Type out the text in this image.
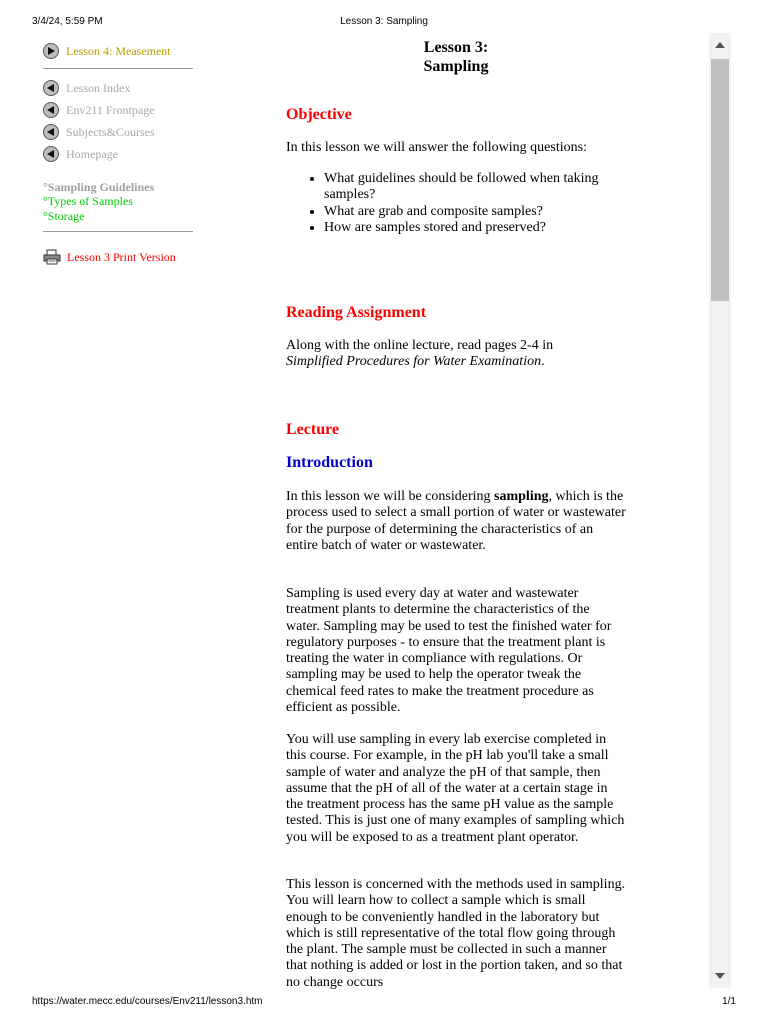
3/4/24, 5:59 PM	Lesson 3: Sampling
Lesson 4: Measement
Lesson Index
Env211 Frontpage
Subjects&Courses
Homepage
°Sampling Guidelines
°Types of Samples
°Storage
Lesson 3 Print Version
Lesson 3:
Sampling
Objective

In this lesson we will answer the following questions:

• What guidelines should be followed when taking samples?
• What are grab and composite samples?
• How are samples stored and preserved?
Reading Assignment

Along with the online lecture, read pages 2-4 in
Simplified Procedures for Water Examination.

Lecture
Introduction

In this lesson we will be considering sampling, which is the process used to select a small portion of water or wastewater for the purpose of determining the characteristics of an entire batch of water or wastewater.

Sampling is used every day at water and wastewater treatment plants to determine the characteristics of the water. Sampling may be used to test the finished water for regulatory purposes - to ensure that the treatment plant is treating the water in compliance with regulations. Or sampling may be used to help the operator tweak the chemical feed rates to make the treatment procedure as efficient as possible.

You will use sampling in every lab exercise completed in this course. For example, in the pH lab you'll take a small sample of water and analyze the pH of that sample, then assume that the pH of all of the water at a certain stage in the treatment process has the same pH value as the sample tested. This is just one of many examples of sampling which you will be exposed to as a treatment plant operator.

This lesson is concerned with the methods used in sampling. You will learn how to collect a sample which is small enough to be conveniently handled in the laboratory but which is still representative of the total flow going through the plant. The sample must be collected in such a manner that nothing is added or lost in the portion taken, and so that no change occurs

https://water.mecc.edu/courses/Env211/lesson3.htm	1/1
